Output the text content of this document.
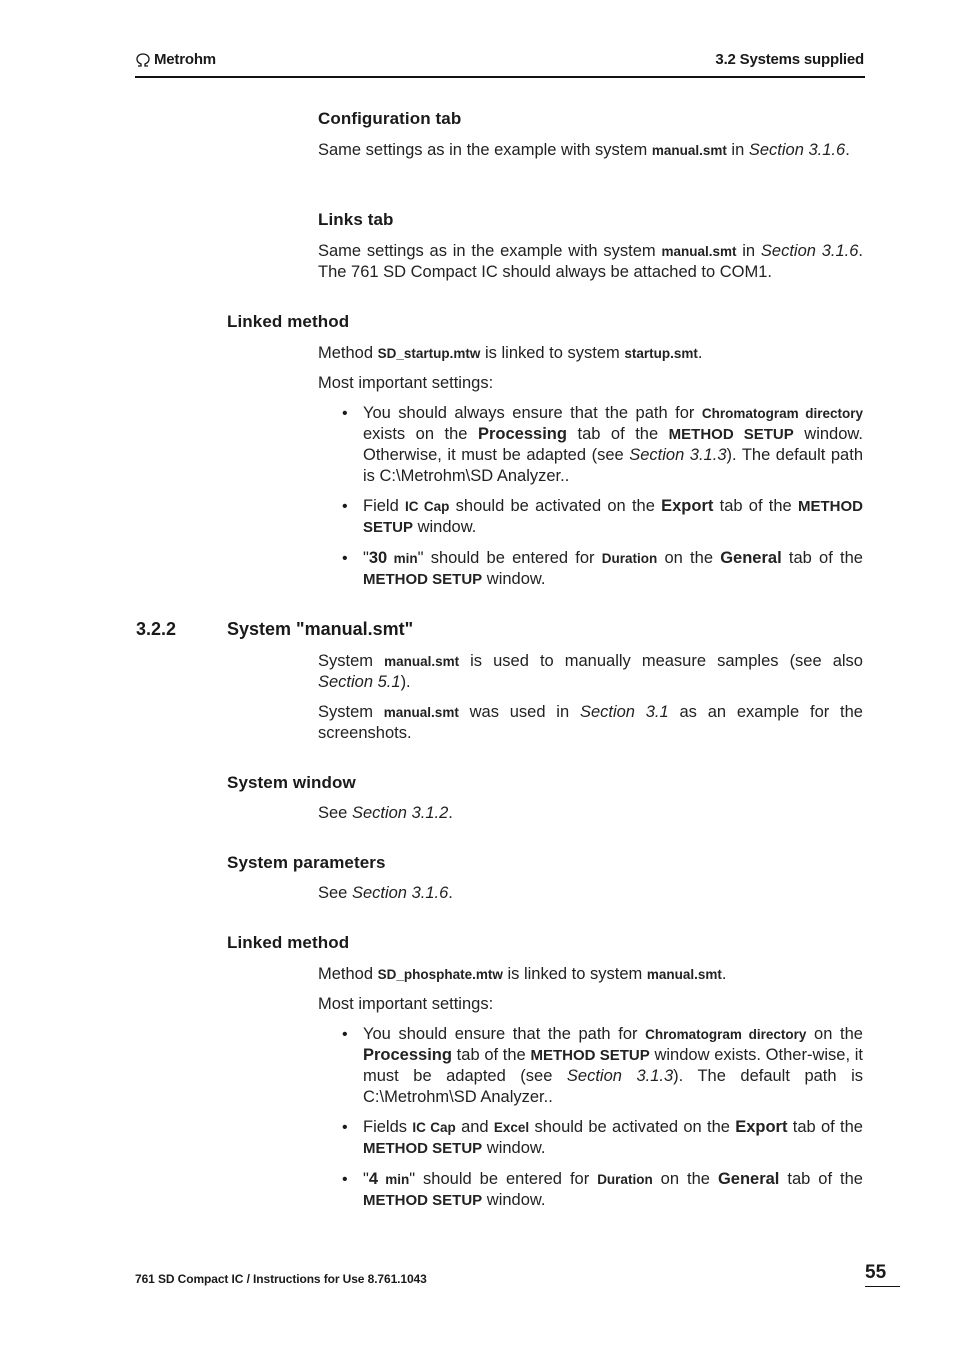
Metrohm	3.2 Systems supplied
Configuration tab
Same settings as in the example with system manual.smt in Section 3.1.6.
Links tab
Same settings as in the example with system manual.smt in Section 3.1.6. The 761 SD Compact IC should always be attached to COM1.
Linked method
Method SD_startup.mtw is linked to system startup.smt.
Most important settings:
• You should always ensure that the path for Chromatogram directory exists on the Processing tab of the METHOD SETUP window. Otherwise, it must be adapted (see Section 3.1.3). The default path is C:\Metrohm\SD Analyzer..
• Field IC Cap should be activated on the Export tab of the METHOD SETUP window.
• "30 min" should be entered for Duration on the General tab of the METHOD SETUP window.
3.2.2	System "manual.smt"
System manual.smt is used to manually measure samples (see also Section 5.1).
System manual.smt was used in Section 3.1 as an example for the screenshots.
System window
See Section 3.1.2.
System parameters
See Section 3.1.6.
Linked method
Method SD_phosphate.mtw is linked to system manual.smt.
Most important settings:
• You should ensure that the path for Chromatogram directory on the Processing tab of the METHOD SETUP window exists. Other-wise, it must be adapted (see Section 3.1.3). The default path is C:\Metrohm\SD Analyzer..
• Fields IC Cap and Excel should be activated on the Export tab of the METHOD SETUP window.
• "4 min" should be entered for Duration on the General tab of the METHOD SETUP window.
761 SD Compact IC / Instructions for Use 8.761.1043	55
